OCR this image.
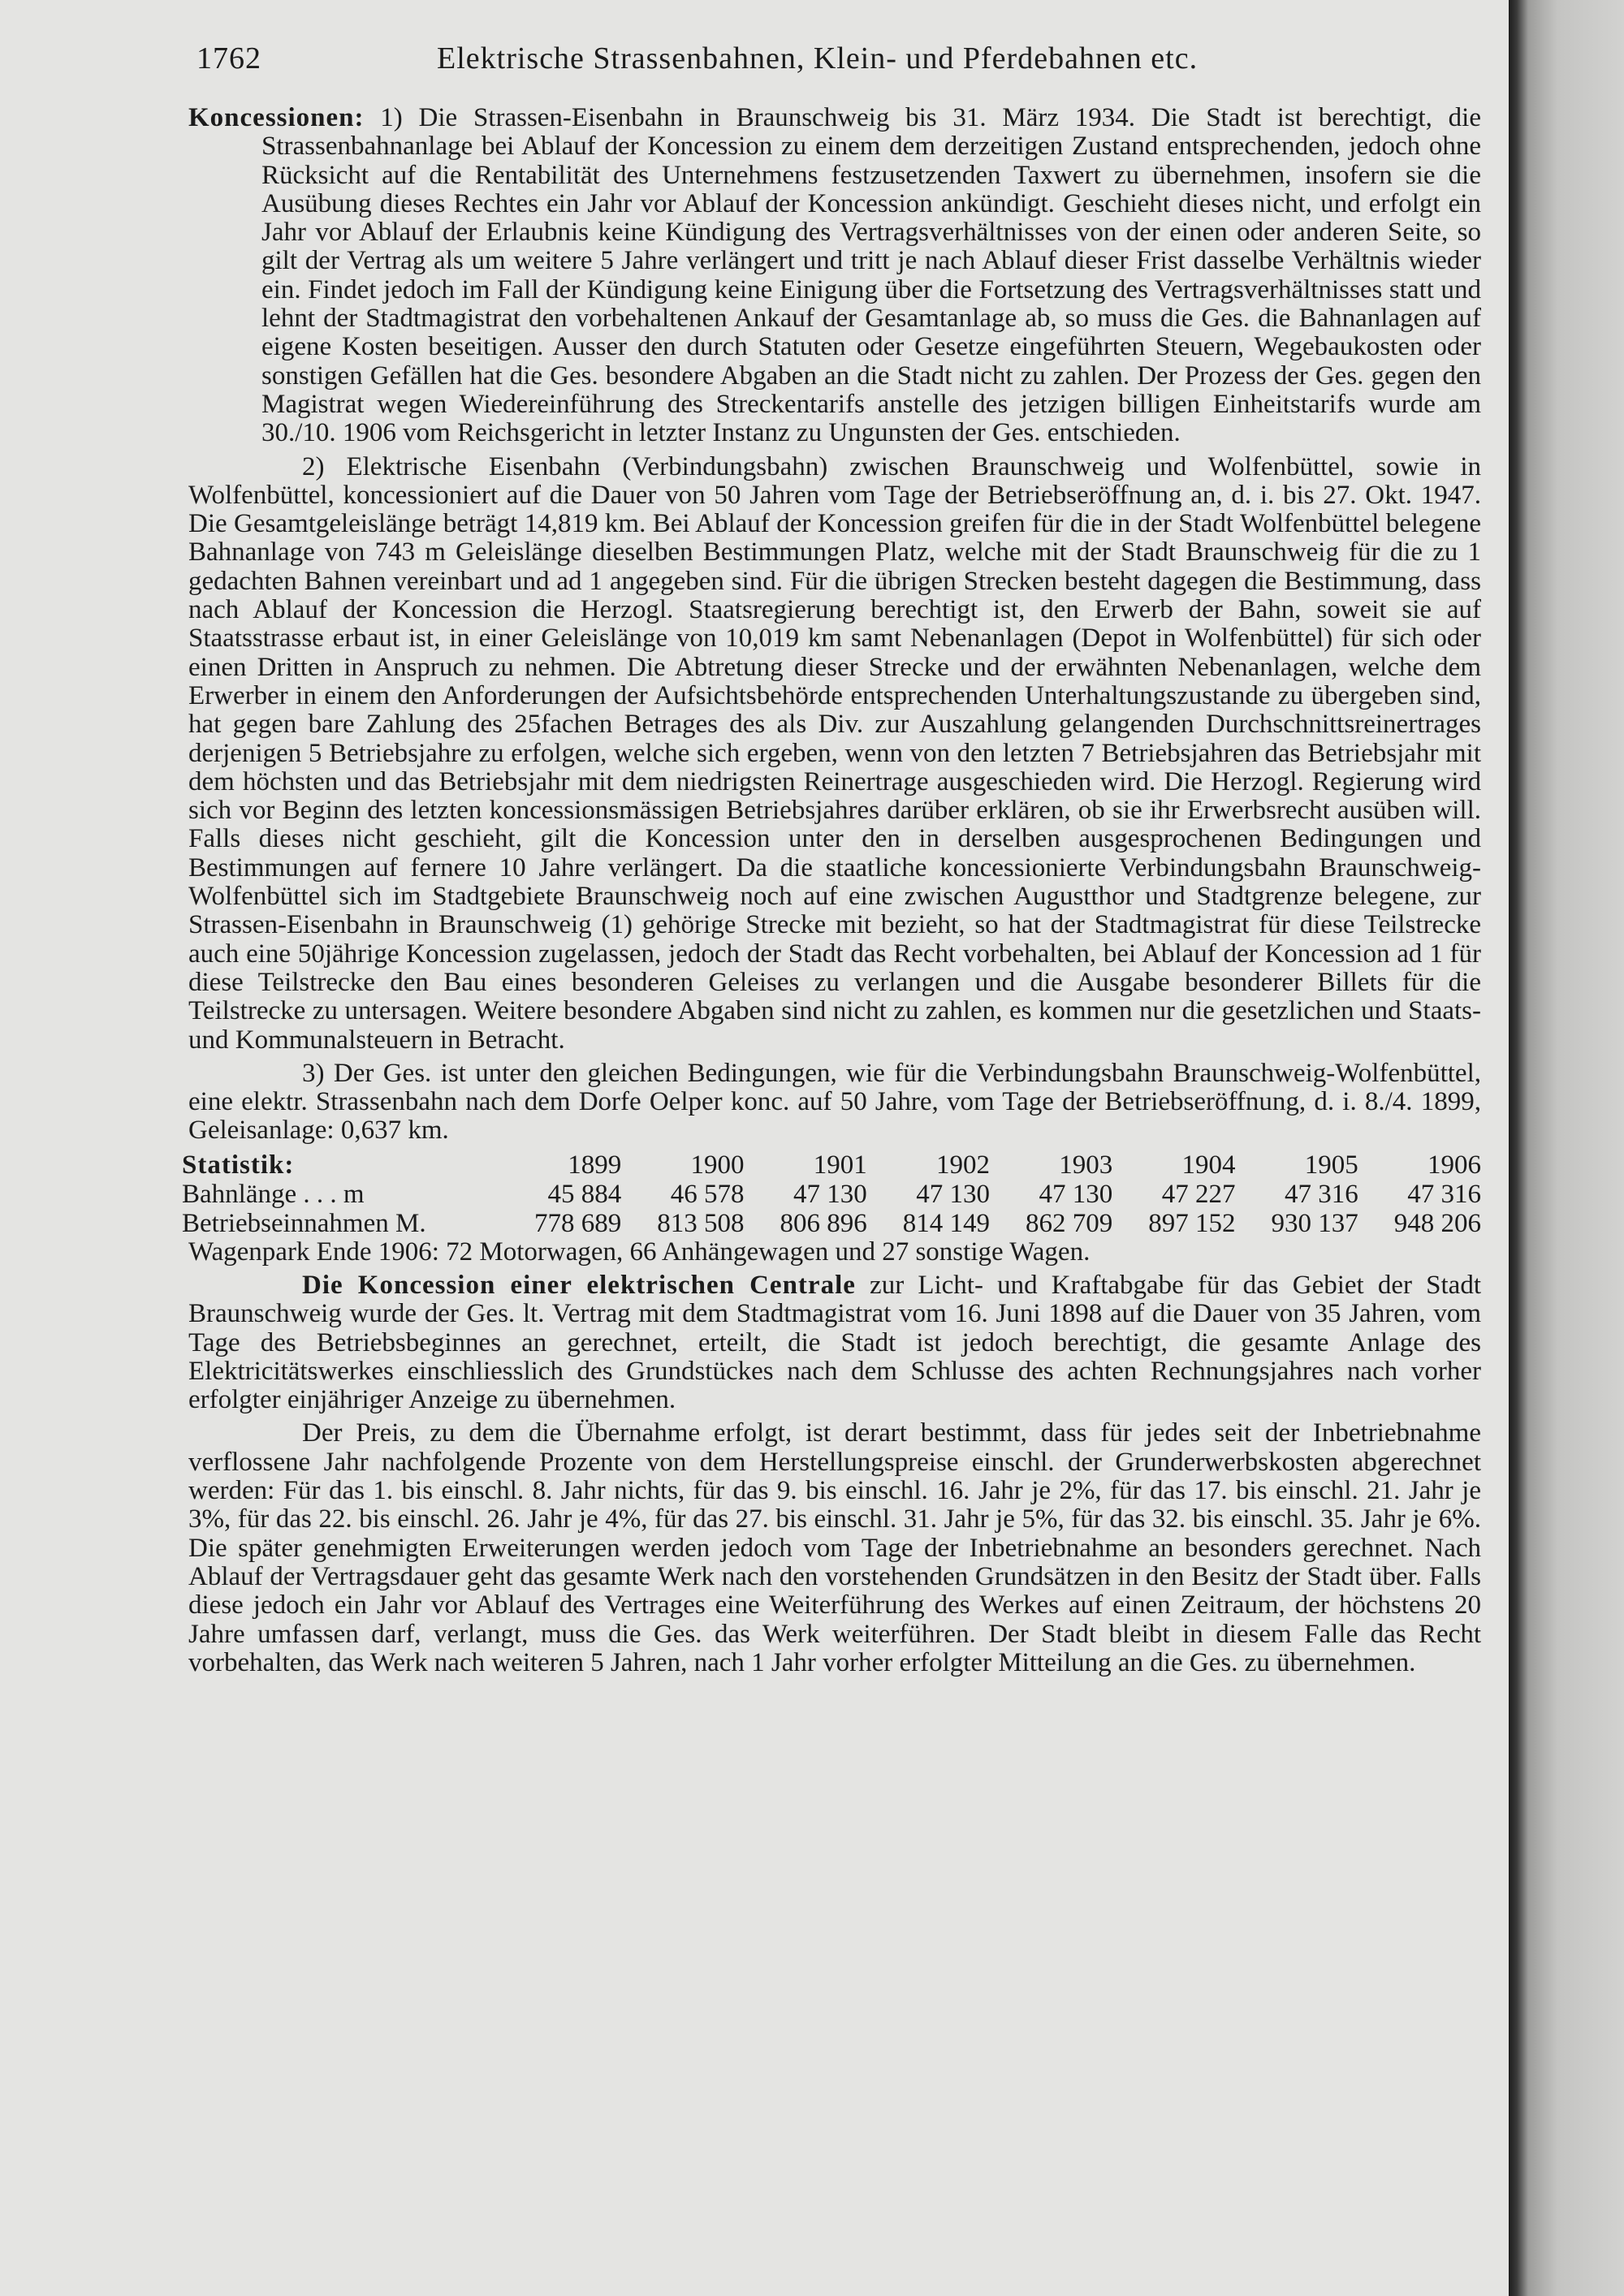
1762	Elektrische Strassenbahnen, Klein- und Pferdebahnen etc.

Koncessionen: 1) Die Strassen-Eisenbahn in Braunschweig bis 31. März 1934. Die Stadt ist berechtigt, die Strassenbahnanlage bei Ablauf der Koncession zu einem dem derzeitigen Zustand entsprechenden, jedoch ohne Rücksicht auf die Rentabilität des Unternehmens festzusetzenden Taxwert zu übernehmen, insofern sie die Ausübung dieses Rechtes ein Jahr vor Ablauf der Koncession ankündigt. Geschieht dieses nicht, und erfolgt ein Jahr vor Ablauf der Erlaubnis keine Kündigung des Vertragsverhältnisses von der einen oder anderen Seite, so gilt der Vertrag als um weitere 5 Jahre verlängert und tritt je nach Ablauf dieser Frist dasselbe Verhältnis wieder ein. Findet jedoch im Fall der Kündigung keine Einigung über die Fortsetzung des Vertragsverhältnisses statt und lehnt der Stadtmagistrat den vorbehaltenen Ankauf der Gesamtanlage ab, so muss die Ges. die Bahnanlagen auf eigene Kosten beseitigen. Ausser den durch Statuten oder Gesetze eingeführten Steuern, Wegebaukosten oder sonstigen Gefällen hat die Ges. besondere Abgaben an die Stadt nicht zu zahlen. Der Prozess der Ges. gegen den Magistrat wegen Wiedereinführung des Streckentarifs anstelle des jetzigen billigen Einheitstarifs wurde am 30./10. 1906 vom Reichsgericht in letzter Instanz zu Ungunsten der Ges. entschieden.

2) Elektrische Eisenbahn (Verbindungsbahn) zwischen Braunschweig und Wolfenbüttel, sowie in Wolfenbüttel, koncessioniert auf die Dauer von 50 Jahren vom Tage der Betriebseröffnung an, d. i. bis 27. Okt. 1947. Die Gesamtgeleislänge beträgt 14,819 km. Bei Ablauf der Koncession greifen für die in der Stadt Wolfenbüttel belegene Bahnanlage von 743 m Geleislänge dieselben Bestimmungen Platz, welche mit der Stadt Braunschweig für die zu 1 gedachten Bahnen vereinbart und ad 1 angegeben sind. Für die übrigen Strecken besteht dagegen die Bestimmung, dass nach Ablauf der Koncession die Herzogl. Staatsregierung berechtigt ist, den Erwerb der Bahn, soweit sie auf Staatsstrasse erbaut ist, in einer Geleislänge von 10,019 km samt Nebenanlagen (Depot in Wolfenbüttel) für sich oder einen Dritten in Anspruch zu nehmen. Die Abtretung dieser Strecke und der erwähnten Nebenanlagen, welche dem Erwerber in einem den Anforderungen der Aufsichtsbehörde entsprechenden Unterhaltungszustande zu übergeben sind, hat gegen bare Zahlung des 25fachen Betrages des als Div. zur Auszahlung gelangenden Durchschnittsreinertrages derjenigen 5 Betriebsjahre zu erfolgen, welche sich ergeben, wenn von den letzten 7 Betriebsjahren das Betriebsjahr mit dem höchsten und das Betriebsjahr mit dem niedrigsten Reinertrage ausgeschieden wird. Die Herzogl. Regierung wird sich vor Beginn des letzten koncessionsmässigen Betriebsjahres darüber erklären, ob sie ihr Erwerbsrecht ausüben will. Falls dieses nicht geschieht, gilt die Koncession unter den in derselben ausgesprochenen Bedingungen und Bestimmungen auf fernere 10 Jahre verlängert. Da die staatliche koncessionierte Verbindungsbahn Braunschweig-Wolfenbüttel sich im Stadtgebiete Braunschweig noch auf eine zwischen Augustthor und Stadtgrenze belegene, zur Strassen-Eisenbahn in Braunschweig (1) gehörige Strecke mit bezieht, so hat der Stadtmagistrat für diese Teilstrecke auch eine 50jährige Koncession zugelassen, jedoch der Stadt das Recht vorbehalten, bei Ablauf der Koncession ad 1 für diese Teilstrecke den Bau eines besonderen Geleises zu verlangen und die Ausgabe besonderer Billets für die Teilstrecke zu untersagen. Weitere besondere Abgaben sind nicht zu zahlen, es kommen nur die gesetzlichen und Staats- und Kommunalsteuern in Betracht.

3) Der Ges. ist unter den gleichen Bedingungen, wie für die Verbindungsbahn Braunschweig-Wolfenbüttel, eine elektr. Strassenbahn nach dem Dorfe Oelper konc. auf 50 Jahre, vom Tage der Betriebseröffnung, d. i. 8./4. 1899, Geleisanlage: 0,637 km.

Statistik:	1899	1900	1901	1902	1903	1904	1905	1906
Bahnlänge . . . m	45 884	46 578	47 130	47 130	47 130	47 227	47 316	47 316
Betriebseinnahmen M.	778 689	813 508	806 896	814 149	862 709	897 152	930 137	948 206

Wagenpark Ende 1906: 72 Motorwagen, 66 Anhängewagen und 27 sonstige Wagen.

Die Koncession einer elektrischen Centrale zur Licht- und Kraftabgabe für das Gebiet der Stadt Braunschweig wurde der Ges. lt. Vertrag mit dem Stadtmagistrat vom 16. Juni 1898 auf die Dauer von 35 Jahren, vom Tage des Betriebsbeginnes an gerechnet, erteilt, die Stadt ist jedoch berechtigt, die gesamte Anlage des Elektricitätswerkes einschliesslich des Grundstückes nach dem Schlusse des achten Rechnungsjahres nach vorher erfolgter einjähriger Anzeige zu übernehmen.

Der Preis, zu dem die Übernahme erfolgt, ist derart bestimmt, dass für jedes seit der Inbetriebnahme verflossene Jahr nachfolgende Prozente von dem Herstellungspreise einschl. der Grunderwerbskosten abgerechnet werden: Für das 1. bis einschl. 8. Jahr nichts, für das 9. bis einschl. 16. Jahr je 2%, für das 17. bis einschl. 21. Jahr je 3%, für das 22. bis einschl. 26. Jahr je 4%, für das 27. bis einschl. 31. Jahr je 5%, für das 32. bis einschl. 35. Jahr je 6%. Die später genehmigten Erweiterungen werden jedoch vom Tage der Inbetriebnahme an besonders gerechnet. Nach Ablauf der Vertragsdauer geht das gesamte Werk nach den vorstehenden Grundsätzen in den Besitz der Stadt über. Falls diese jedoch ein Jahr vor Ablauf des Vertrages eine Weiterführung des Werkes auf einen Zeitraum, der höchstens 20 Jahre umfassen darf, verlangt, muss die Ges. das Werk weiterführen. Der Stadt bleibt in diesem Falle das Recht vorbehalten, das Werk nach weiteren 5 Jahren, nach 1 Jahr vorher erfolgter Mitteilung an die Ges. zu übernehmen.
